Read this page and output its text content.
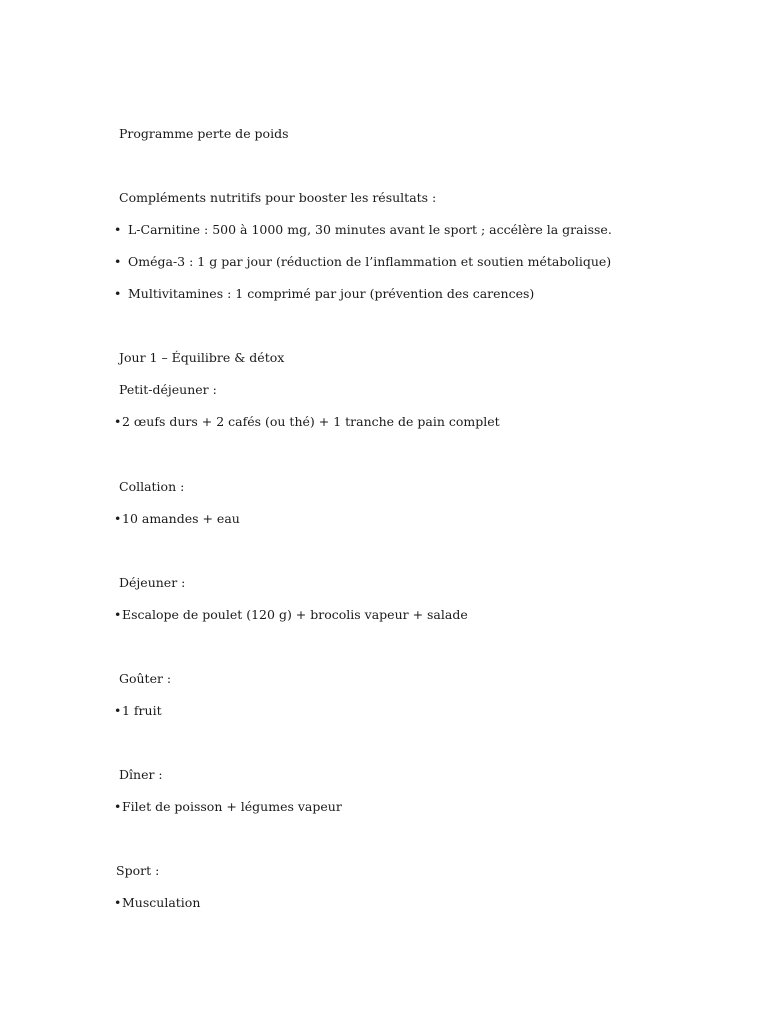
Programme perte de poids
Compléments nutritifs pour booster les résultats :
• L-Carnitine : 500 à 1000 mg, 30 minutes avant le sport ; accélère la graisse.
• Oméga-3 : 1 g par jour (réduction de l’inflammation et soutien métabolique)
• Multivitamines : 1 comprimé par jour (prévention des carences)
Jour 1 – Équilibre & détox
Petit-déjeuner :
• 2 œufs durs + 2 cafés (ou thé) + 1 tranche de pain complet
Collation :
• 10 amandes + eau
Déjeuner :
• Escalope de poulet (120 g) + brocolis vapeur + salade
Goûter :
• 1 fruit
Dîner :
• Filet de poisson + légumes vapeur
Sport :
• Musculation
